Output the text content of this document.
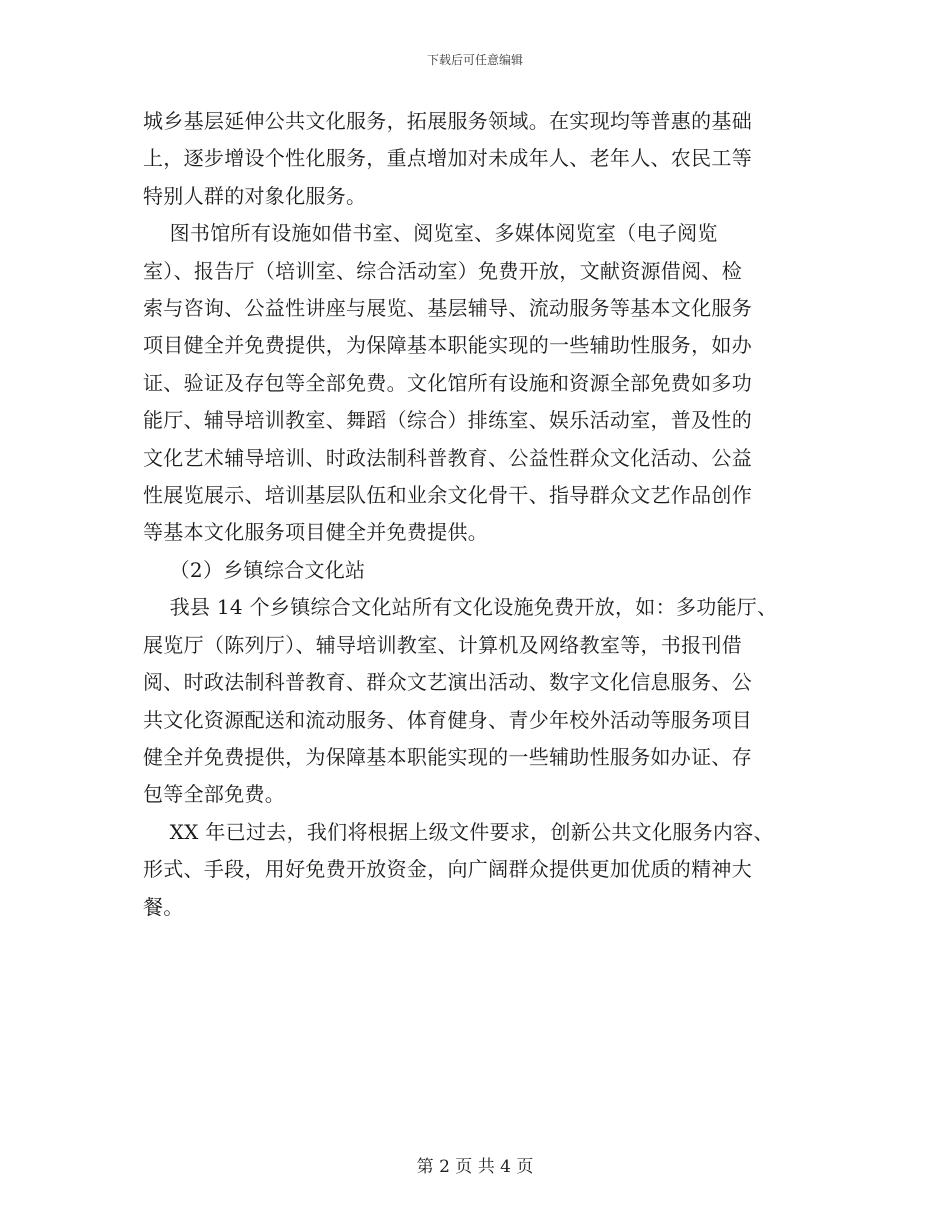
下载后可任意编辑

城乡基层延伸公共文化服务，拓展服务领域。在实现均等普惠的基础

上，逐步增设个性化服务，重点增加对未成年人、老年人、农民工等

特别人群的对象化服务。

图书馆所有设施如借书室、阅览室、多媒体阅览室（电子阅览

室）、报告厅（培训室、综合活动室）免费开放，文献资源借阅、检

索与咨询、公益性讲座与展览、基层辅导、流动服务等基本文化服务

项目健全并免费提供，为保障基本职能实现的一些辅助性服务，如办

证、验证及存包等全部免费。文化馆所有设施和资源全部免费如多功

能厅、辅导培训教室、舞蹈（综合）排练室、娱乐活动室，普及性的

文化艺术辅导培训、时政法制科普教育、公益性群众文化活动、公益

性展览展示、培训基层队伍和业余文化骨干、指导群众文艺作品创作

等基本文化服务项目健全并免费提供。

（2）乡镇综合文化站

我县 14 个乡镇综合文化站所有文化设施免费开放，如：多功能厅、

展览厅（陈列厅）、辅导培训教室、计算机及网络教室等，书报刊借

阅、时政法制科普教育、群众文艺演出活动、数字文化信息服务、公

共文化资源配送和流动服务、体育健身、青少年校外活动等服务项目

健全并免费提供，为保障基本职能实现的一些辅助性服务如办证、存

包等全部免费。

XX 年已过去，我们将根据上级文件要求，创新公共文化服务内容、

形式、手段，用好免费开放资金，向广阔群众提供更加优质的精神大

餐。

第 2 页 共 4 页
